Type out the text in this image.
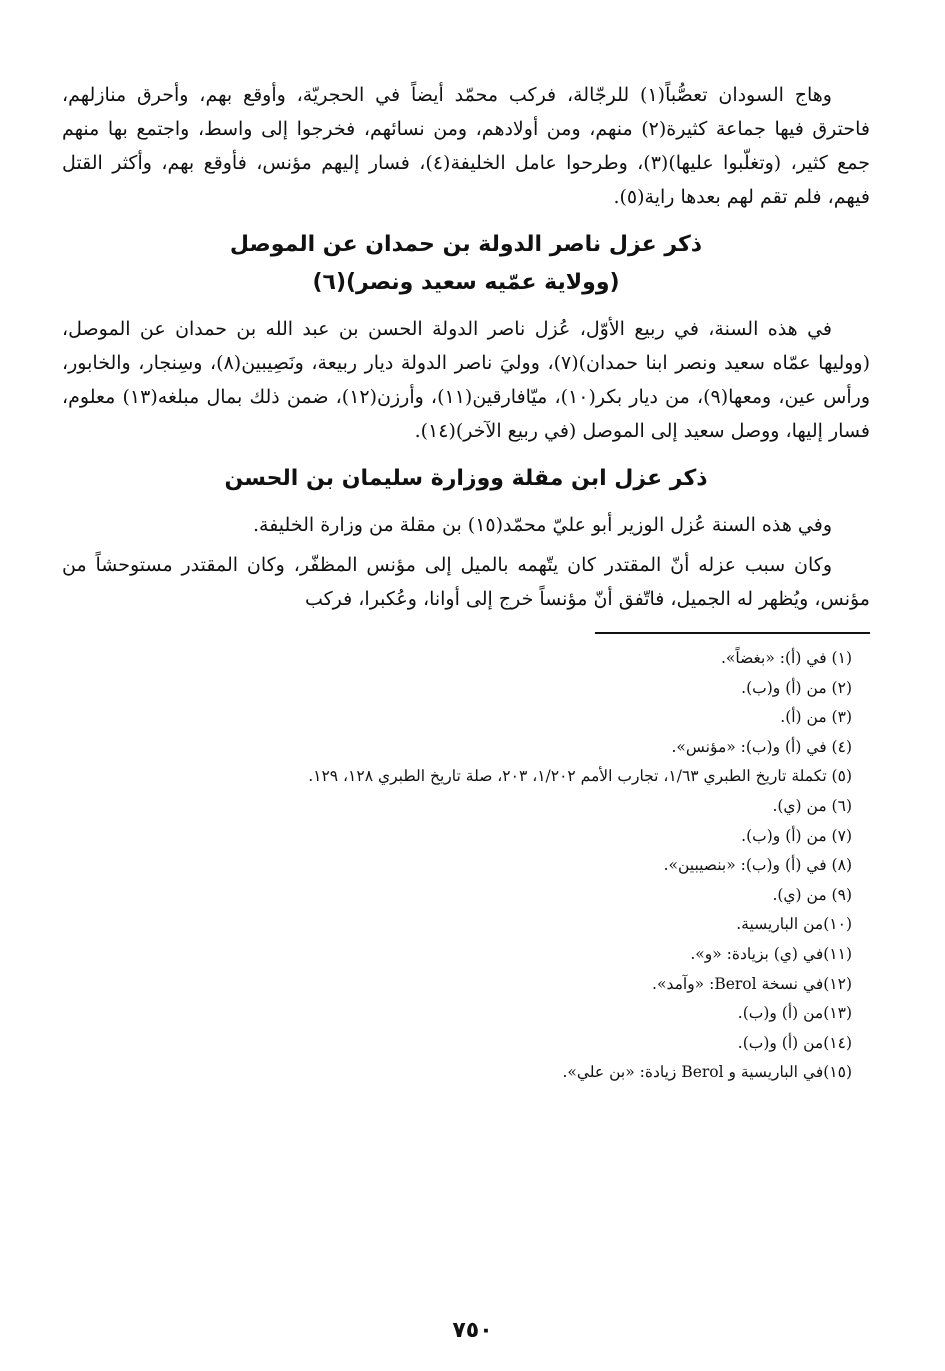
وهاج السودان تعصُّباً(١) للرجّالة، فركب محمّد أيضاً في الحجريّة، وأوقع بهم، وأحرق منازلهم، فاحترق فيها جماعة كثيرة(٢) منهم، ومن أولادهم، ومن نسائهم، فخرجوا إلى واسط، واجتمع بها منهم جمع كثير، (وتغلّبوا عليها)(٣)، وطرحوا عامل الخليفة(٤)، فسار إليهم مؤنس، فأوقع بهم، وأكثر القتل فيهم، فلم تقم لهم بعدها راية(٥).

ذكر عزل ناصر الدولة بن حمدان عن الموصل
(وولاية عمّيه سعيد ونصر)(٦)

في هذه السنة، في ربيع الأوّل، عُزل ناصر الدولة الحسن بن عبد الله بن حمدان عن الموصل، (ووليها عمّاه سعيد ونصر ابنا حمدان)(٧)، ووليَ ناصر الدولة ديار ربيعة، ونَصِيبين(٨)، وسِنجار، والخابور، ورأس عين، ومعها(٩)، من ديار بكر(١٠)، ميّافارقين(١١)، وأرزن(١٢)، ضمن ذلك بمال مبلغه(١٣) معلوم، فسار إليها، ووصل سعيد إلى الموصل (في ربيع الآخر)(١٤).

ذكر عزل ابن مقلة ووزارة سليمان بن الحسن

وفي هذه السنة عُزل الوزير أبو عليّ محمّد(١٥) بن مقلة من وزارة الخليفة.

وكان سبب عزله أنّ المقتدر كان يتّهمه بالميل إلى مؤنس المظفّر، وكان المقتدر مستوحشاً من مؤنس، ويُظهر له الجميل، فاتّفق أنّ مؤنساً خرج إلى أوانا، وعُكبرا، فركب

(١) في (أ): «بغضاً».
(٢) من (أ) و(ب).
(٣) من (أ).
(٤) في (أ) و(ب): «مؤنس».
(٥) تكملة تاريخ الطبري ١/٦٣، تجارب الأمم ١/٢٠٢، ٢٠٣، صلة تاريخ الطبري ١٢٨، ١٢٩.
(٦) من (ي).
(٧) من (أ) و(ب).
(٨) في (أ) و(ب): «بنصيبين».
(٩) من (ي).
(١٠)من الباريسية.
(١١)في (ي) بزيادة: «و».
(١٢)في نسخة Berol: «وآمد».
(١٣)من (أ) و(ب).
(١٤)من (أ) و(ب).
(١٥)في الباريسية و Berol زيادة: «بن علي».
٧٥٠
